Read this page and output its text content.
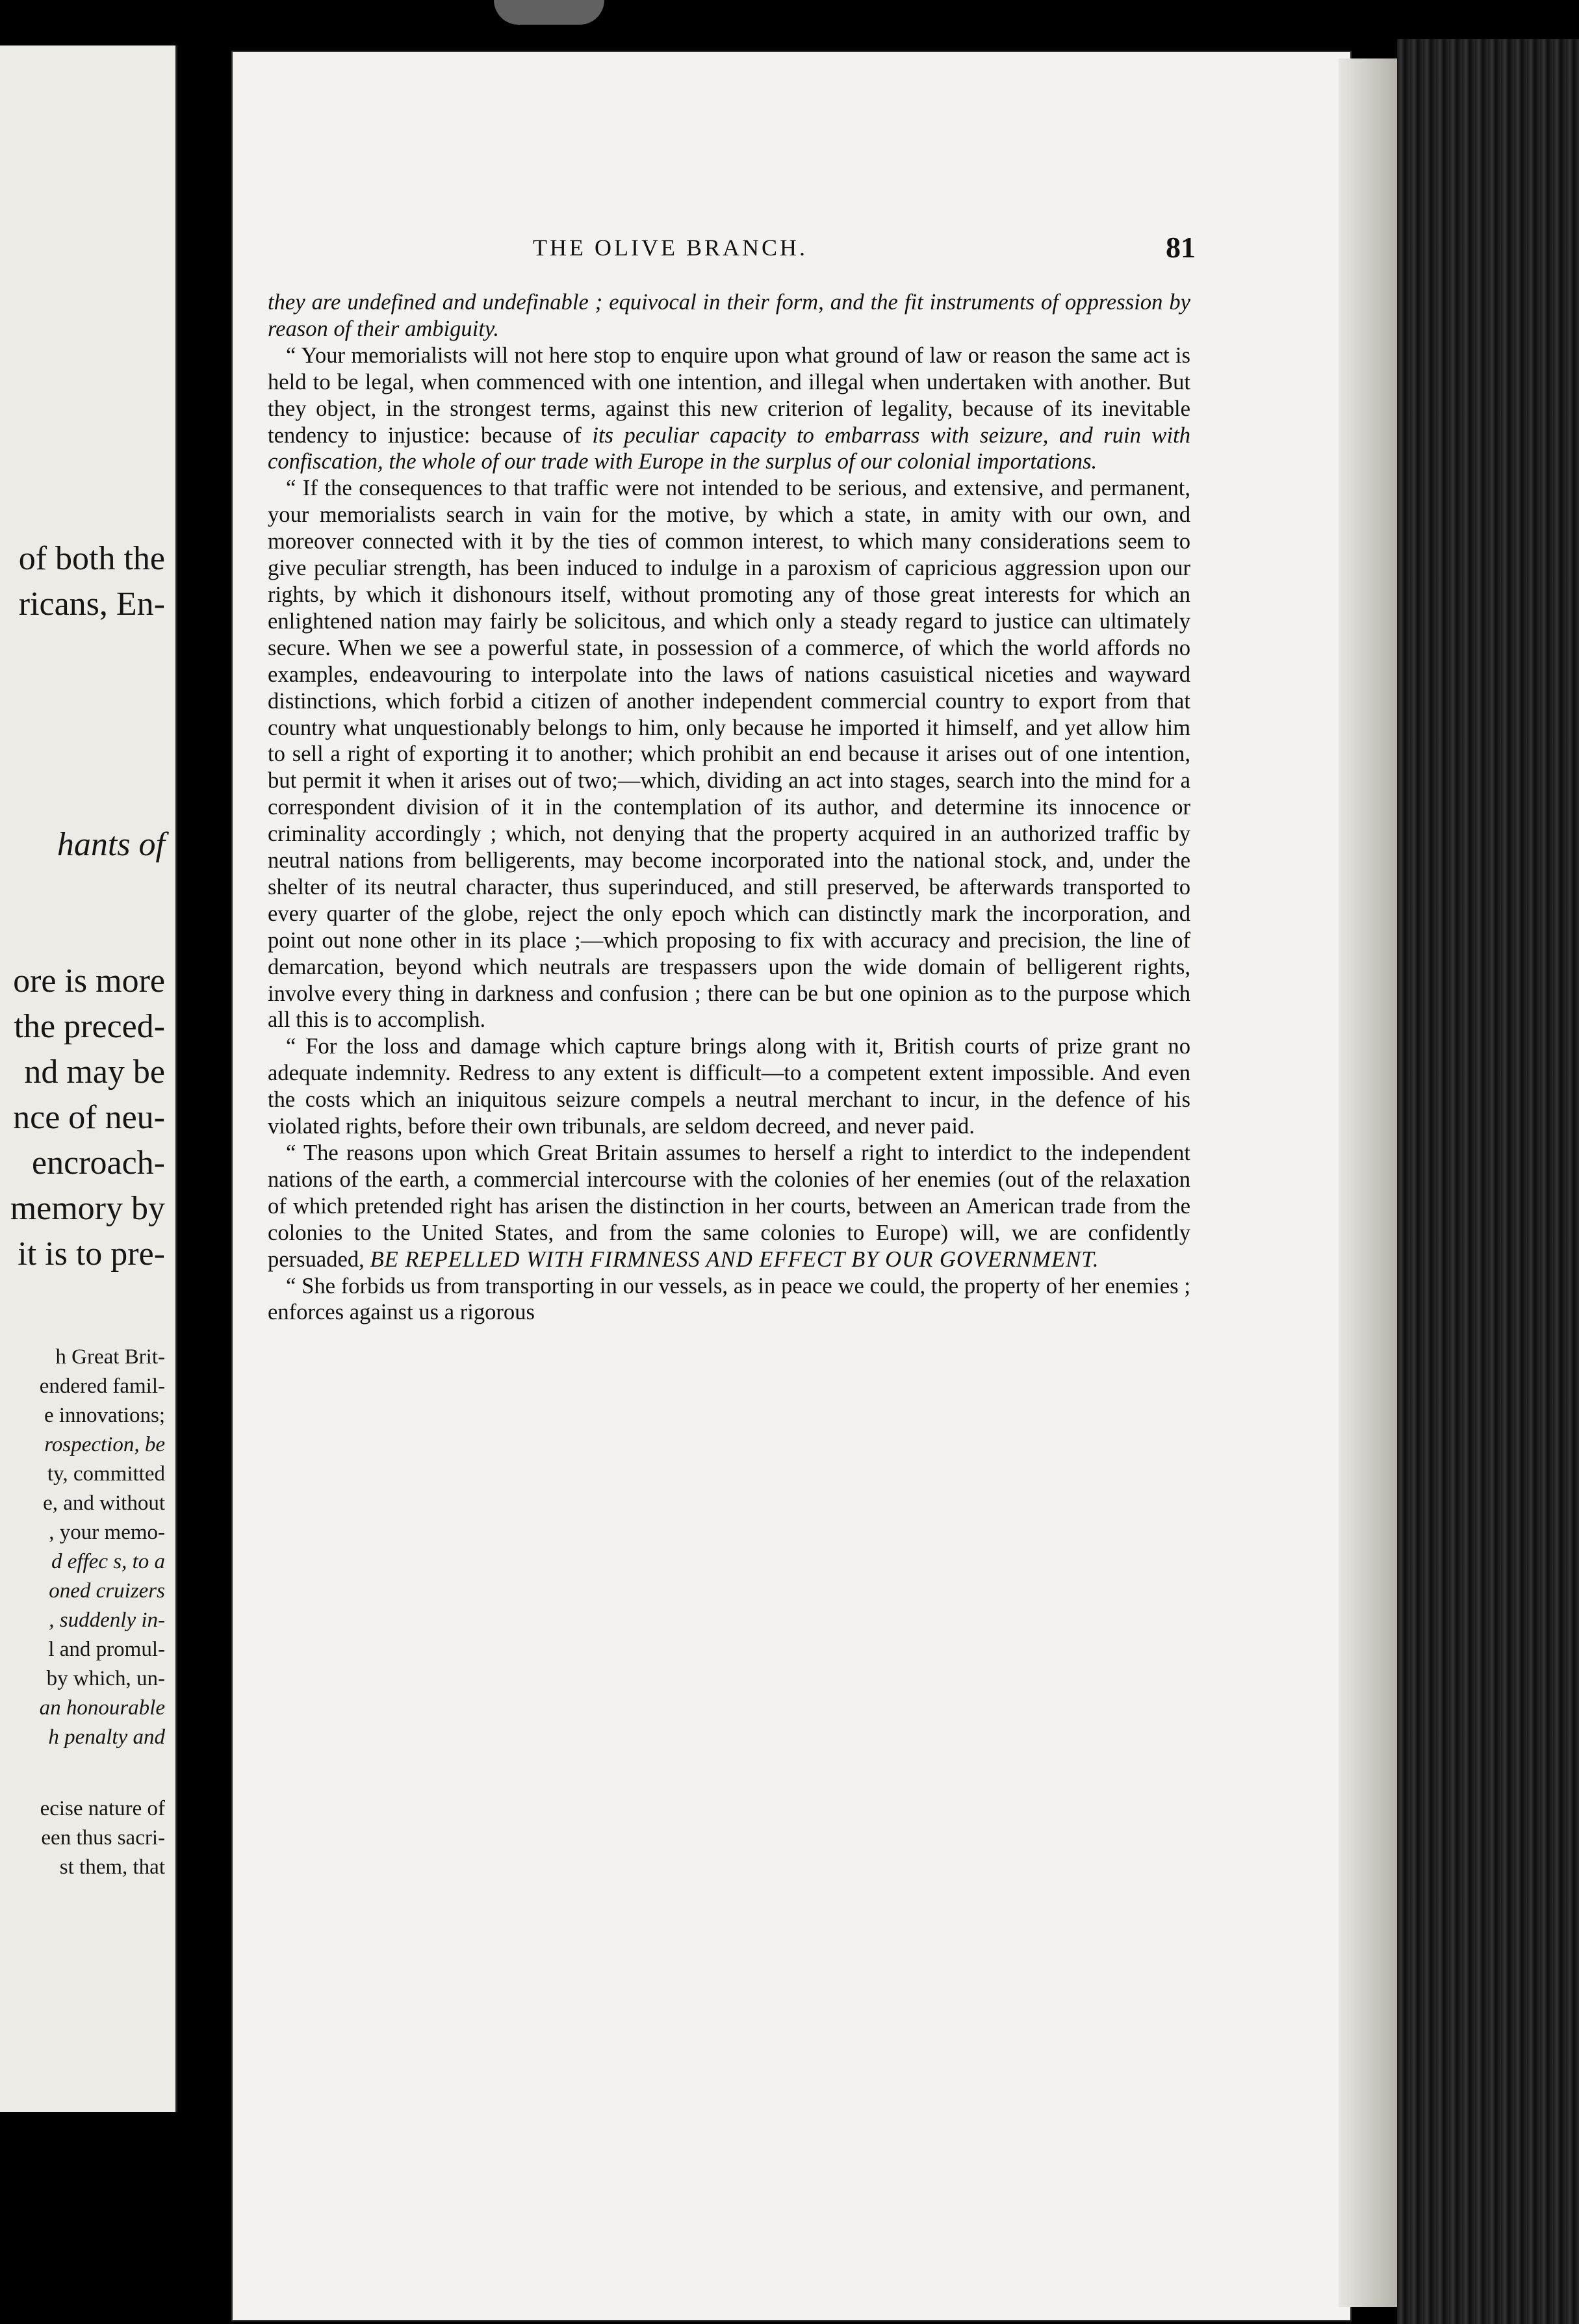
of both the
ricans, En-
hants of
ore is more
the preced-
nd may be
nce of neu-
encroach-
memory by
it is to pre-
h Great Brit-
endered famil-
e innovations;
rospection, be
ty, committed
e, and without
, your memo-
d effec s, to a
oned cruizers
, suddenly in-
l and promul-
by which, un-
an honourable
h penalty and
ecise nature of
een thus sacri-
st them, that
THE OLIVE BRANCH.	81

they are undefined and undefinable ; equivocal in their form, and the fit instruments of oppression by reason of their ambiguity.

“ Your memorialists will not here stop to enquire upon what ground of law or reason the same act is held to be legal, when commenced with one intention, and illegal when undertaken with another. But they object, in the strongest terms, against this new criterion of legality, because of its inevitable tendency to injustice: because of its peculiar capacity to embarrass with seizure, and ruin with confiscation, the whole of our trade with Europe in the surplus of our colonial importations.

“ If the consequences to that traffic were not intended to be serious, and extensive, and permanent, your memorialists search in vain for the motive, by which a state, in amity with our own, and moreover connected with it by the ties of common interest, to which many considerations seem to give peculiar strength, has been induced to indulge in a paroxism of capricious aggression upon our rights, by which it dishonours itself, without promoting any of those great interests for which an enlightened nation may fairly be solicitous, and which only a steady regard to justice can ultimately secure. When we see a powerful state, in possession of a commerce, of which the world affords no examples, endeavouring to interpolate into the laws of nations casuistical niceties and wayward distinctions, which forbid a citizen of another independent commercial country to export from that country what unquestionably belongs to him, only because he imported it himself, and yet allow him to sell a right of exporting it to another; which prohibit an end because it arises out of one intention, but permit it when it arises out of two;—which, dividing an act into stages, search into the mind for a correspondent division of it in the contemplation of its author, and determine its innocence or criminality accordingly ; which, not denying that the property acquired in an authorized traffic by neutral nations from belligerents, may become incorporated into the national stock, and, under the shelter of its neutral character, thus superinduced, and still preserved, be afterwards transported to every quarter of the globe, reject the only epoch which can distinctly mark the incorporation, and point out none other in its place ;—which proposing to fix with accuracy and precision, the line of demarcation, beyond which neutrals are trespassers upon the wide domain of belligerent rights, involve every thing in darkness and confusion ; there can be but one opinion as to the purpose which all this is to accomplish.

“ For the loss and damage which capture brings along with it, British courts of prize grant no adequate indemnity. Redress to any extent is difficult—to a competent extent impossible. And even the costs which an iniquitous seizure compels a neutral merchant to incur, in the defence of his violated rights, before their own tribunals, are seldom decreed, and never paid.

“ The reasons upon which Great Britain assumes to herself a right to interdict to the independent nations of the earth, a commercial intercourse with the colonies of her enemies (out of the relaxation of which pretended right has arisen the distinction in her courts, between an American trade from the colonies to the United States, and from the same colonies to Europe) will, we are confidently persuaded, BE REPELLED WITH FIRMNESS AND EFFECT BY OUR GOVERNMENT.

“ She forbids us from transporting in our vessels, as in peace we could, the property of her enemies ; enforces against us a rigorous
